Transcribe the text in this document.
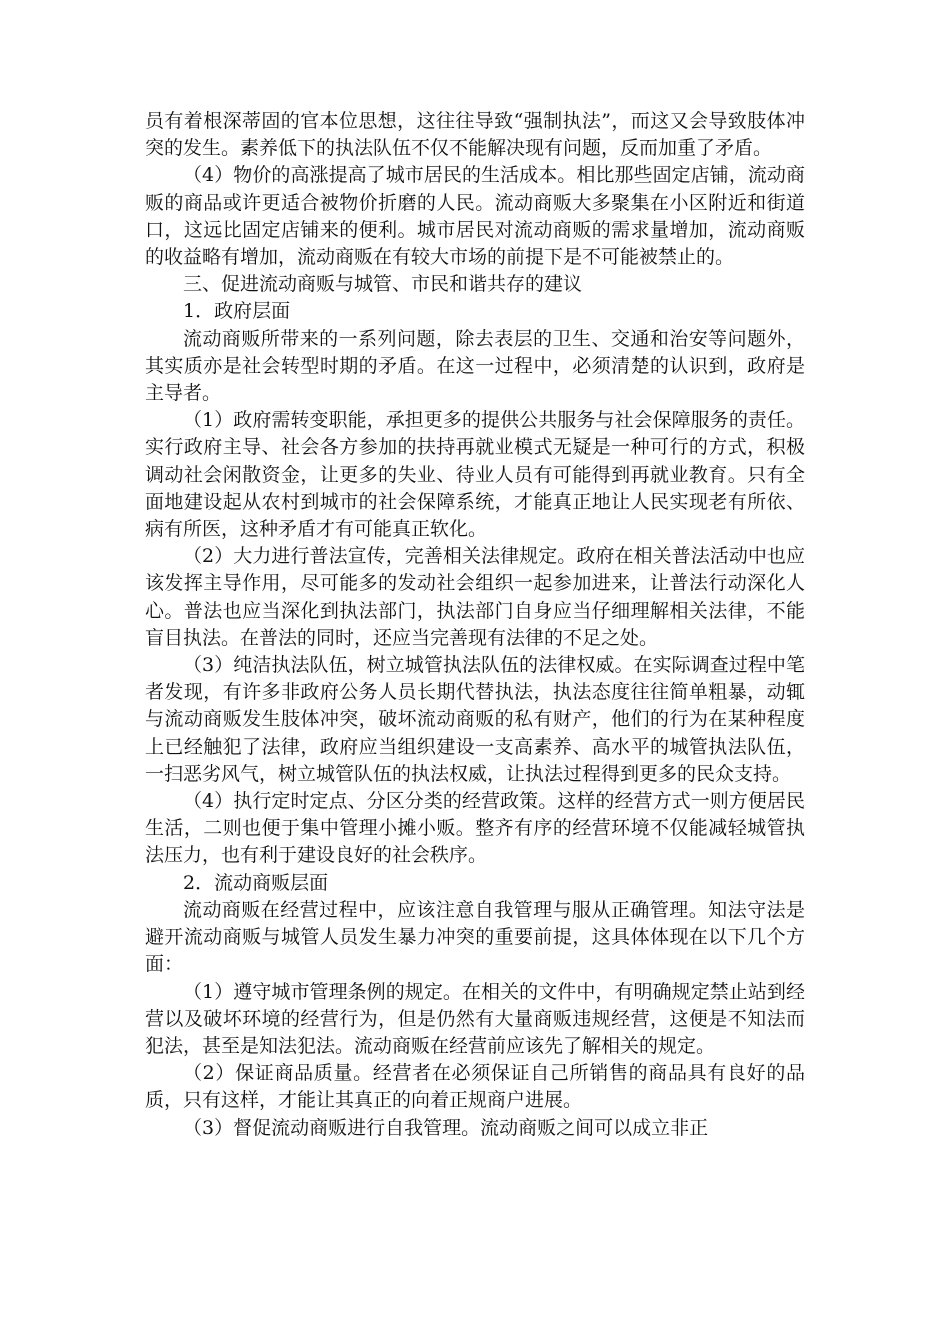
员有着根深蒂固的官本位思想，这往往导致“强制执法”，而这又会导致肢体冲突的发生。素养低下的执法队伍不仅不能解决现有问题，反而加重了矛盾。

（4）物价的高涨提高了城市居民的生活成本。相比那些固定店铺，流动商贩的商品或许更适合被物价折磨的人民。流动商贩大多聚集在小区附近和街道口，这远比固定店铺来的便利。城市居民对流动商贩的需求量增加，流动商贩的收益略有增加，流动商贩在有较大市场的前提下是不可能被禁止的。

三、促进流动商贩与城管、市民和谐共存的建议

1．政府层面

流动商贩所带来的一系列问题，除去表层的卫生、交通和治安等问题外，其实质亦是社会转型时期的矛盾。在这一过程中，必须清楚的认识到，政府是主导者。

（1）政府需转变职能，承担更多的提供公共服务与社会保障服务的责任。实行政府主导、社会各方参加的扶持再就业模式无疑是一种可行的方式，积极调动社会闲散资金，让更多的失业、待业人员有可能得到再就业教育。只有全面地建设起从农村到城市的社会保障系统，才能真正地让人民实现老有所依、病有所医，这种矛盾才有可能真正软化。

（2）大力进行普法宣传，完善相关法律规定。政府在相关普法活动中也应该发挥主导作用，尽可能多的发动社会组织一起参加进来，让普法行动深化人心。普法也应当深化到执法部门，执法部门自身应当仔细理解相关法律，不能盲目执法。在普法的同时，还应当完善现有法律的不足之处。

（3）纯洁执法队伍，树立城管执法队伍的法律权威。在实际调查过程中笔者发现，有许多非政府公务人员长期代替执法，执法态度往往简单粗暴，动辄与流动商贩发生肢体冲突，破坏流动商贩的私有财产，他们的行为在某种程度上已经触犯了法律，政府应当组织建设一支高素养、高水平的城管执法队伍，一扫恶劣风气，树立城管队伍的执法权威，让执法过程得到更多的民众支持。

（4）执行定时定点、分区分类的经营政策。这样的经营方式一则方便居民生活，二则也便于集中管理小摊小贩。整齐有序的经营环境不仅能减轻城管执法压力，也有利于建设良好的社会秩序。

2．流动商贩层面

流动商贩在经营过程中，应该注意自我管理与服从正确管理。知法守法是避开流动商贩与城管人员发生暴力冲突的重要前提，这具体体现在以下几个方面：

（1）遵守城市管理条例的规定。在相关的文件中，有明确规定禁止站到经营以及破坏环境的经营行为，但是仍然有大量商贩违规经营，这便是不知法而犯法，甚至是知法犯法。流动商贩在经营前应该先了解相关的规定。

（2）保证商品质量。经营者在必须保证自己所销售的商品具有良好的品质，只有这样，才能让其真正的向着正规商户进展。

（3）督促流动商贩进行自我管理。流动商贩之间可以成立非正
